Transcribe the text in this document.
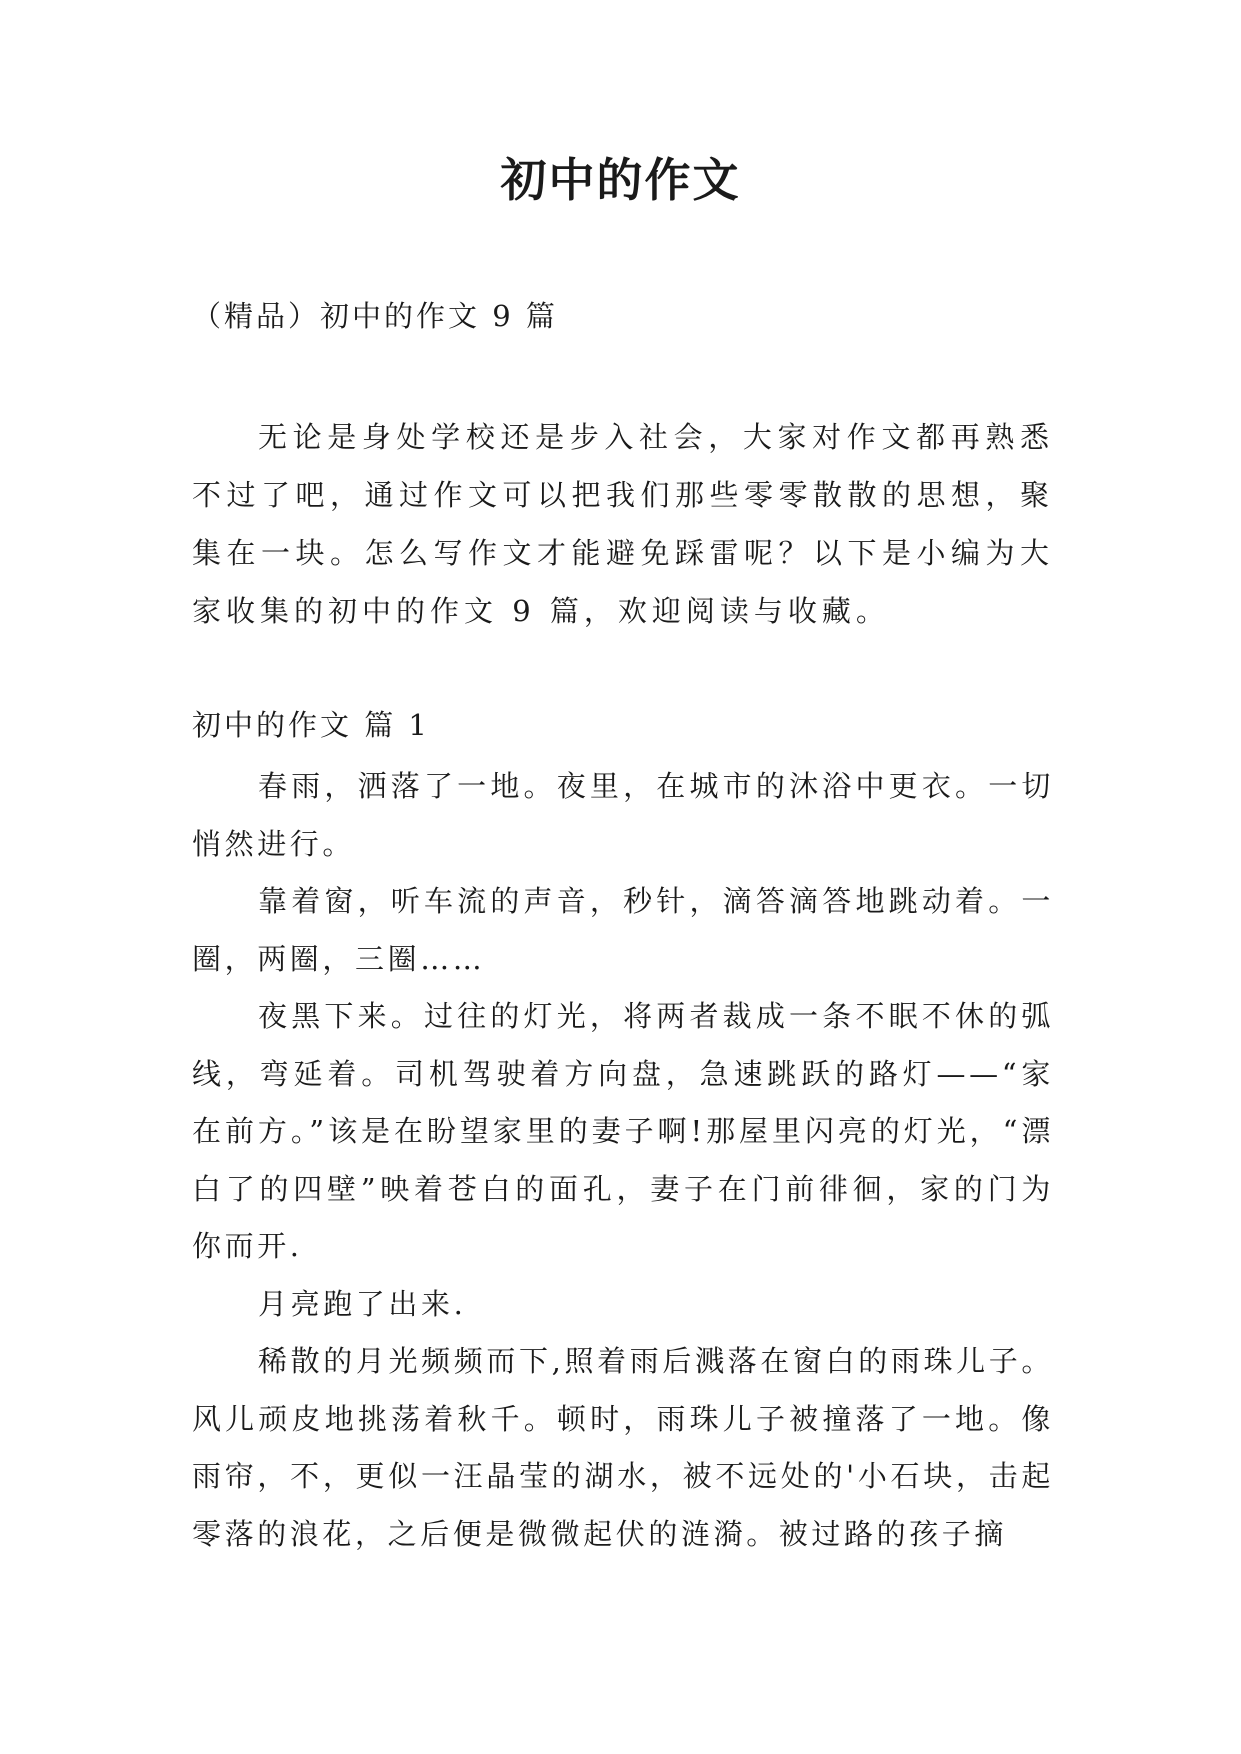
初中的作文

（精品）初中的作文 9 篇

无论是身处学校还是步入社会，大家对作文都再熟悉不过了吧，通过作文可以把我们那些零零散散的思想，聚集在一块。怎么写作文才能避免踩雷呢？以下是小编为大家收集的初中的作文 9 篇，欢迎阅读与收藏。

初中的作文 篇 1

春雨，洒落了一地。夜里，在城市的沐浴中更衣。一切悄然进行。

靠着窗，听车流的声音，秒针，滴答滴答地跳动着。一圈，两圈，三圈……

夜黑下来。过往的灯光，将两者裁成一条不眠不休的弧线，弯延着。司机驾驶着方向盘，急速跳跃的路灯——“家在前方。”该是在盼望家里的妻子啊!那屋里闪亮的灯光，“漂白了的四壁”映着苍白的面孔，妻子在门前徘徊，家的门为你而开.

月亮跑了出来.

稀散的月光频频而下,照着雨后溅落在窗白的雨珠儿子。风儿顽皮地挑荡着秋千。顿时，雨珠儿子被撞落了一地。像雨帘，不，更似一汪晶莹的湖水，被不远处的'小石块，击起零落的浪花，之后便是微微起伏的涟漪。被过路的孩子摘
